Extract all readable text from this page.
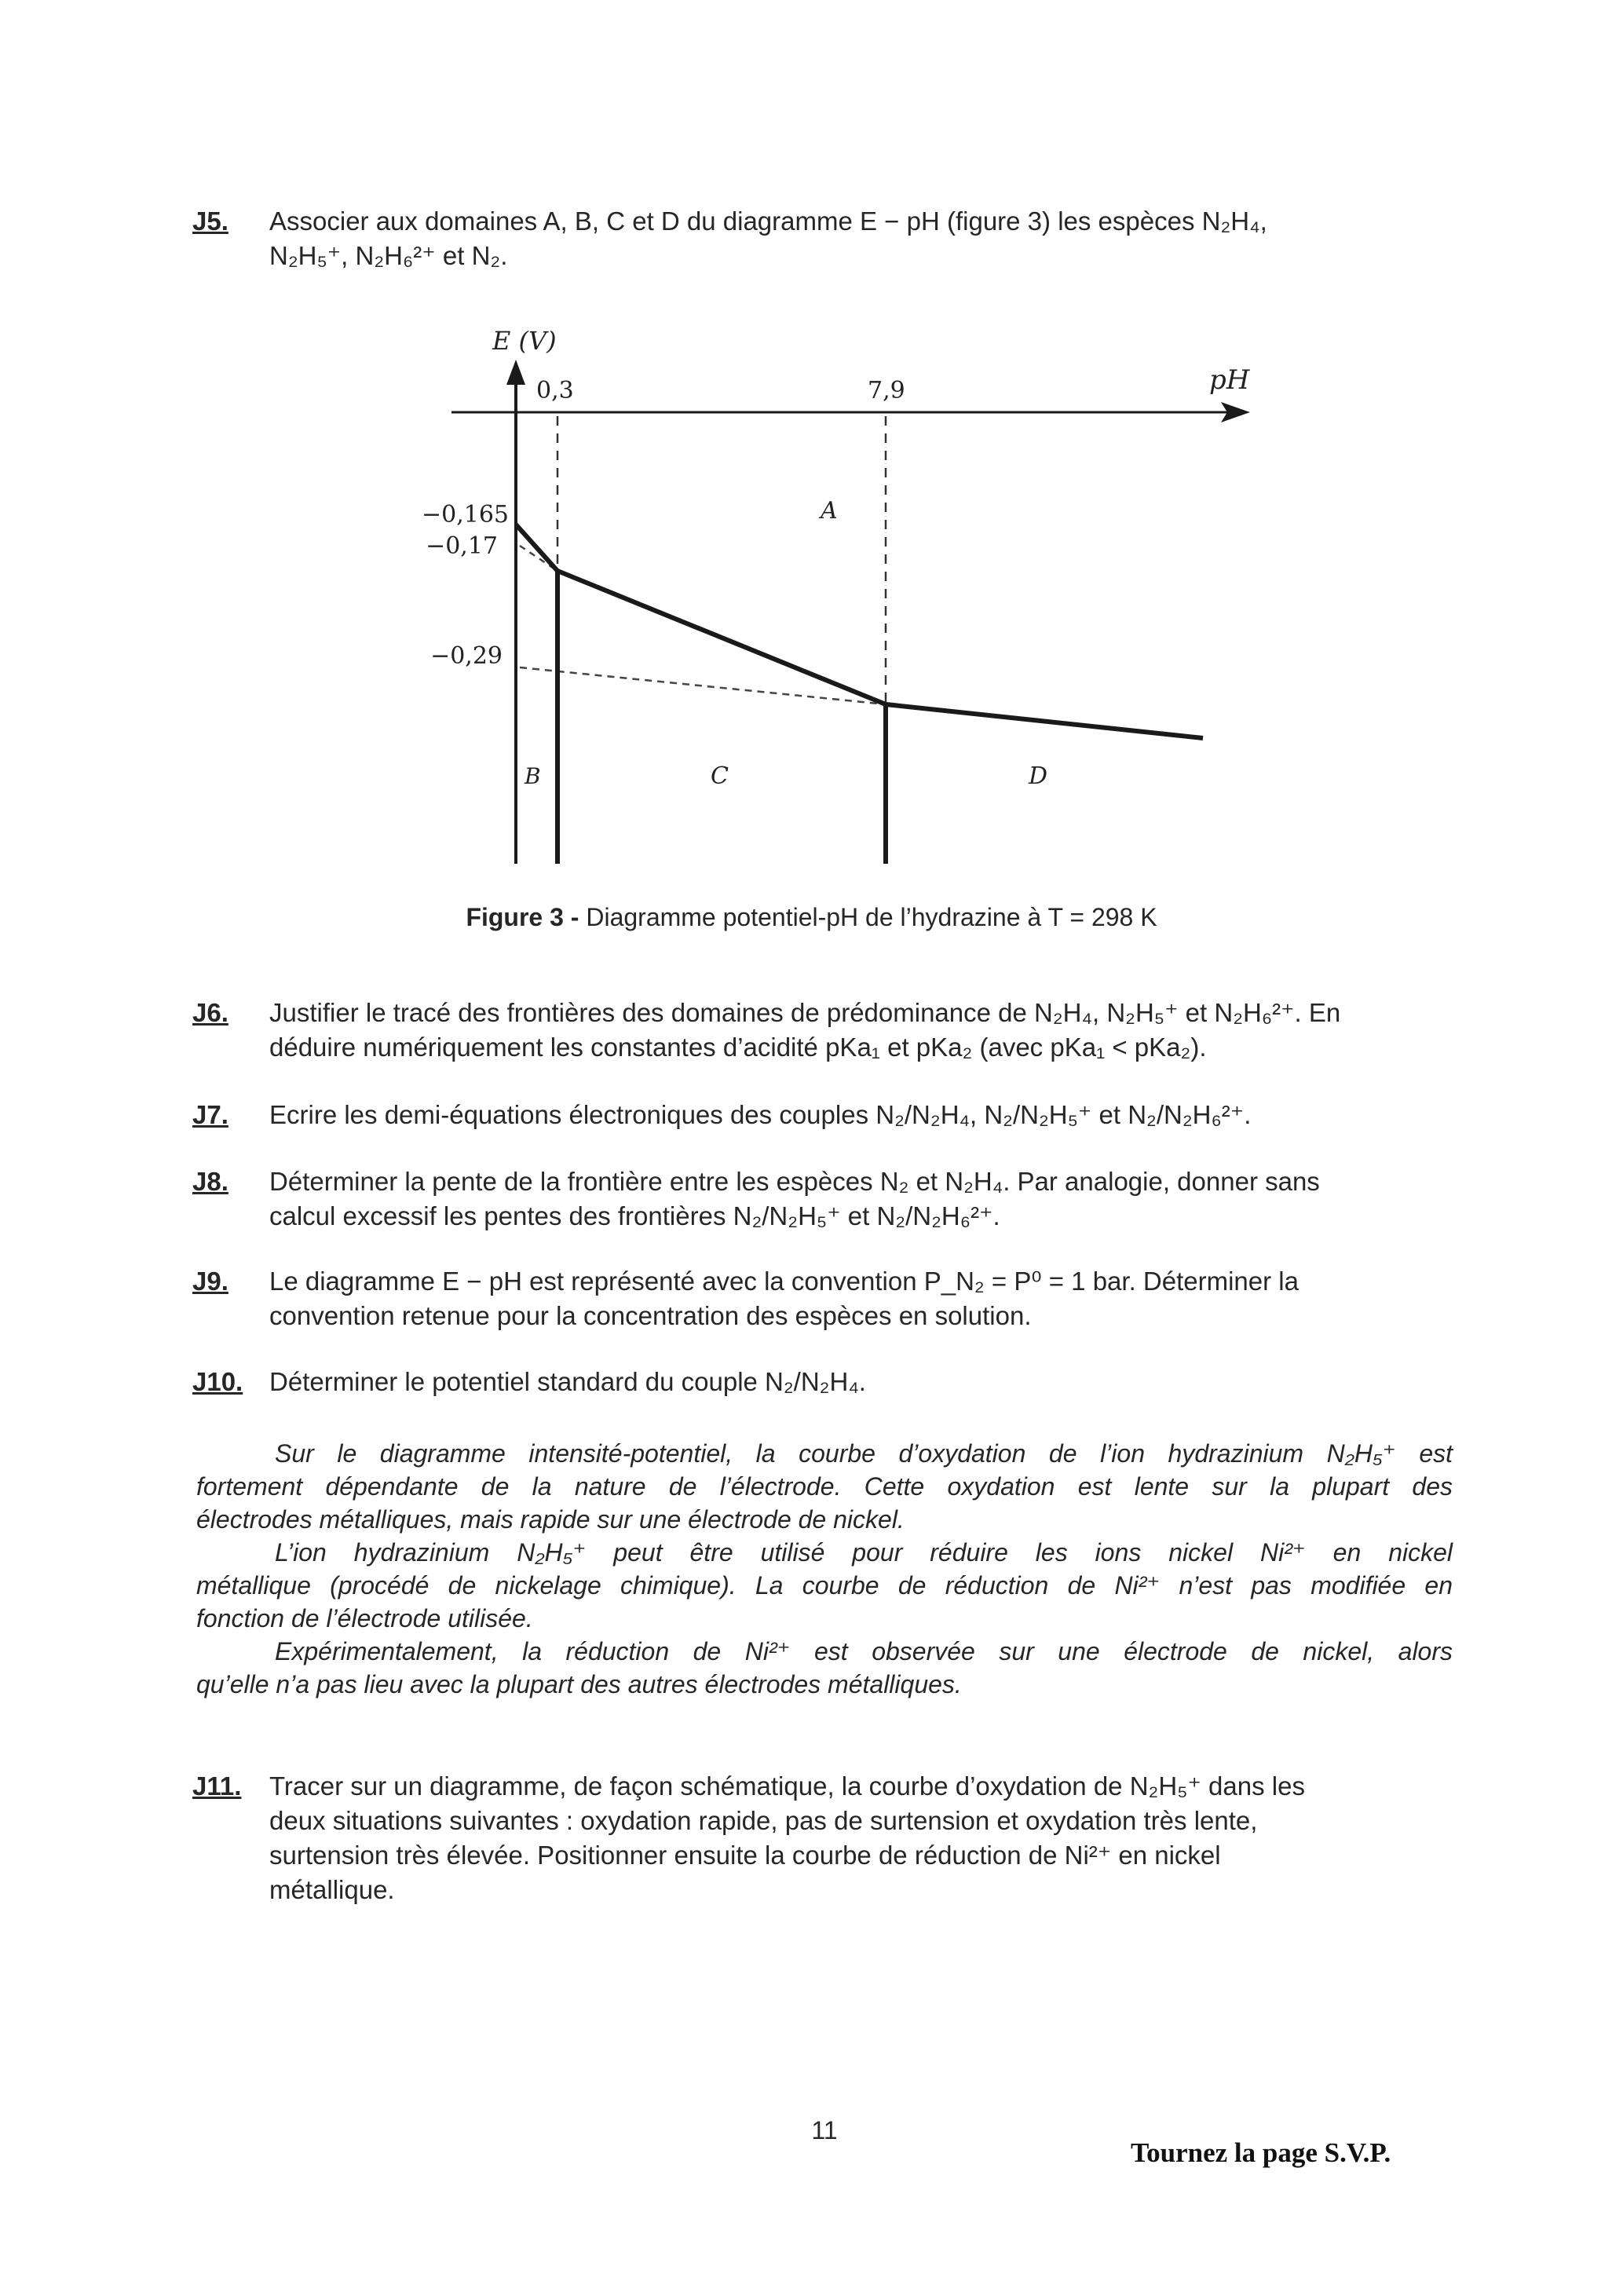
J5. Associer aux domaines A, B, C et D du diagramme E − pH (figure 3) les espèces N₂H₄,
N₂H₅⁺, N₂H₆²⁺ et N₂.
E (V)
pH
0,3	7,9
−0,165
−0,17
−0,29
A
B	C	D
Figure 3 - Diagramme potentiel-pH de l’hydrazine à T = 298 K
J6. Justifier le tracé des frontières des domaines de prédominance de N₂H₄, N₂H₅⁺ et N₂H₆²⁺. En
déduire numériquement les constantes d’acidité pKa₁ et pKa₂ (avec pKa₁ < pKa₂).
J7. Ecrire les demi-équations électroniques des couples N₂/N₂H₄, N₂/N₂H₅⁺ et N₂/N₂H₆²⁺.
J8. Déterminer la pente de la frontière entre les espèces N₂ et N₂H₄. Par analogie, donner sans
calcul excessif les pentes des frontières N₂/N₂H₅⁺ et N₂/N₂H₆²⁺.
J9. Le diagramme E − pH est représenté avec la convention P_N₂ = P⁰ = 1 bar. Déterminer la
convention retenue pour la concentration des espèces en solution.
J10. Déterminer le potentiel standard du couple N₂/N₂H₄.
Sur le diagramme intensité-potentiel, la courbe d’oxydation de l’ion hydrazinium N₂H₅⁺ est
fortement dépendante de la nature de l’électrode. Cette oxydation est lente sur la plupart des
électrodes métalliques, mais rapide sur une électrode de nickel.
L’ion hydrazinium N₂H₅⁺ peut être utilisé pour réduire les ions nickel Ni²⁺ en nickel
métallique (procédé de nickelage chimique). La courbe de réduction de Ni²⁺ n’est pas modifiée en
fonction de l’électrode utilisée.
Expérimentalement, la réduction de Ni²⁺ est observée sur une électrode de nickel, alors
qu’elle n’a pas lieu avec la plupart des autres électrodes métalliques.
J11. Tracer sur un diagramme, de façon schématique, la courbe d’oxydation de N₂H₅⁺ dans les
deux situations suivantes : oxydation rapide, pas de surtension et oxydation très lente,
surtension très élevée. Positionner ensuite la courbe de réduction de Ni²⁺ en nickel
métallique.
11
Tournez la page S.V.P.
